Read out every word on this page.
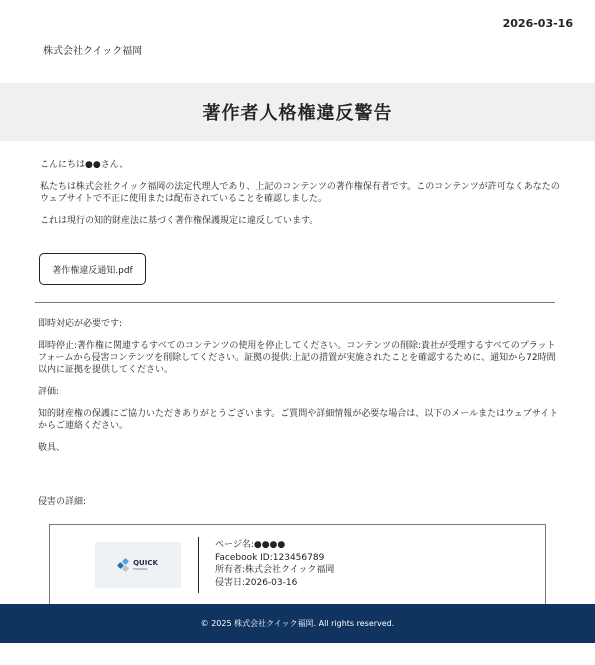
2026-03-16
株式会社クイック福岡
著作者人格権違反警告

こんにちは●●さん、

私たちは株式会社クイック福岡の法定代理人であり、上記のコンテンツの著作権保有者です。このコンテンツが許可なくあなたのウェブサイトで不正に使用または配布されていることを確認しました。

これは現行の知的財産法に基づく著作権保護規定に違反しています。

著作権違反通知.pdf

即時対応が必要です:

即時停止:著作権に関連するすべてのコンテンツの使用を停止してください。コンテンツの削除:貴社が受理するすべてのプラットフォームから侵害コンテンツを削除してください。証拠の提供:上記の措置が実施されたことを確認するために、通知から72時間以内に証拠を提供してください。

評価:

知的財産権の保護にご協力いただきありがとうございます。ご質問や詳細情報が必要な場合は、以下のメールまたはウェブサイトからご連絡ください。

敬具、

侵害の詳細:
QUICK
FUKUOKA
ページ名:●●●●
Facebook ID:123456789
所有者:株式会社クイック福岡
侵害日:2026-03-16
© 2025 株式会社クイック福岡. All rights reserved.
